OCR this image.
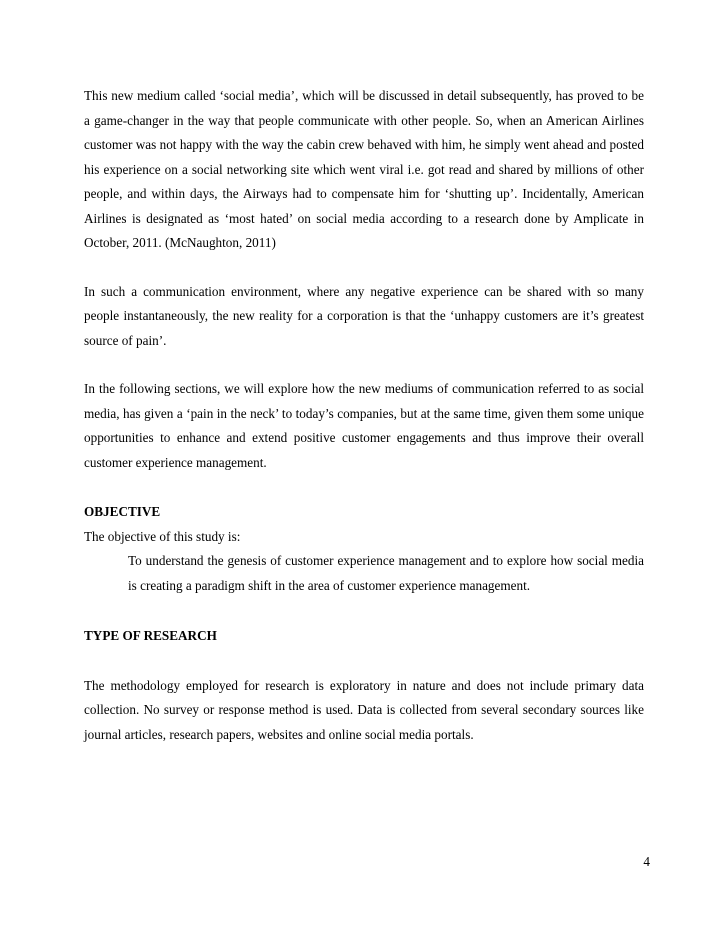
This new medium called ‘social media’, which will be discussed in detail subsequently, has proved to be a game-changer in the way that people communicate with other people. So, when an American Airlines customer was not happy with the way the cabin crew behaved with him, he simply went ahead and posted his experience on a social networking site which went viral i.e. got read and shared by millions of other people, and within days, the Airways had to compensate him for ‘shutting up’. Incidentally, American Airlines is designated as ‘most hated’ on social media according to a research done by Amplicate in October, 2011. (McNaughton, 2011)

In such a communication environment, where any negative experience can be shared with so many people instantaneously, the new reality for a corporation is that the ‘unhappy customers are it’s greatest source of pain’.

In the following sections, we will explore how the new mediums of communication referred to as social media, has given a ‘pain in the neck’ to today’s companies, but at the same time, given them some unique opportunities to enhance and extend positive customer engagements and thus improve their overall customer experience management.

OBJECTIVE

The objective of this study is:

To understand the genesis of customer experience management and to explore how social media is creating a paradigm shift in the area of customer experience management.

TYPE OF RESEARCH

The methodology employed for research is exploratory in nature and does not include primary data collection. No survey or response method is used. Data is collected from several secondary sources like journal articles, research papers, websites and online social media portals.

4
